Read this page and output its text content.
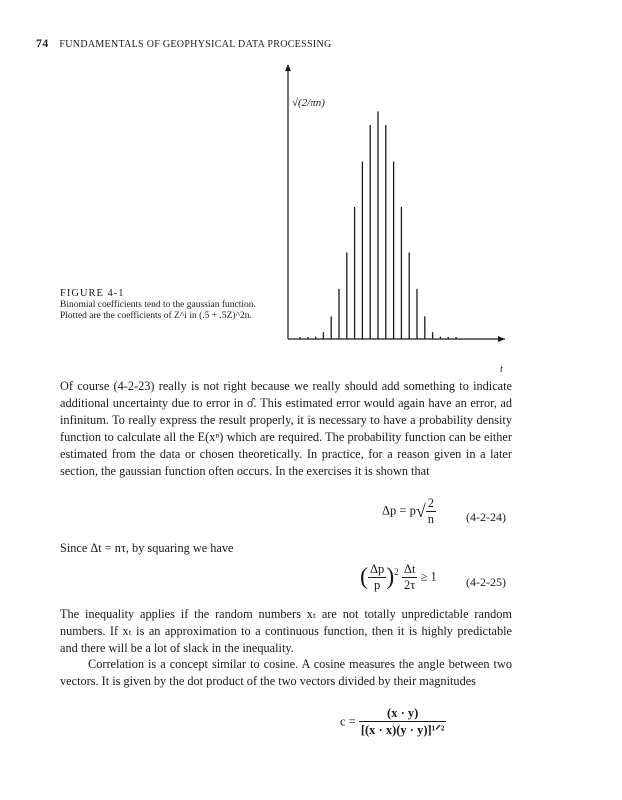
74 FUNDAMENTALS OF GEOPHYSICAL DATA PROCESSING
√(2/πn)
t
FIGURE 4-1
Binomial coefficients tend to the gaussian function. Plotted are the coefficients of Z^i in (.5 + .5Z)^2n.

Of course (4-2-23) really is not right because we really should add something to indicate additional uncertainty due to error in σ̂. This estimated error would again have an error, ad infinitum. To really express the result properly, it is necessary to have a probability density function to calculate all the E(xⁿ) which are required. The probability function can be either estimated from the data or chosen theoretically. In practice, for a reason given in a later section, the gaussian function often occurs. In the exercises it is shown that

$\Delta p = p√ \frac{2}{n}$	(4-2-24)

Since Δt = nτ, by squaring we have

( $\frac{\Delta p}{p} )^2 \frac{\Delta t}{2\tau} \ge 1$ (4-2-25)

The inequality applies if the random numbers xₜ are not totally unpredictable random numbers. If xₜ is an approximation to a continuous function, then it is highly predictable and there will be a lot of slack in the inequality.

Correlation is a concept similar to cosine. A cosine measures the angle between two vectors. It is given by the dot product of the two vectors divided by their magnitudes

$c = \frac{(x \cdot y)}{\text{[(x · x)(y · y)]¹ᐟ²}}$
